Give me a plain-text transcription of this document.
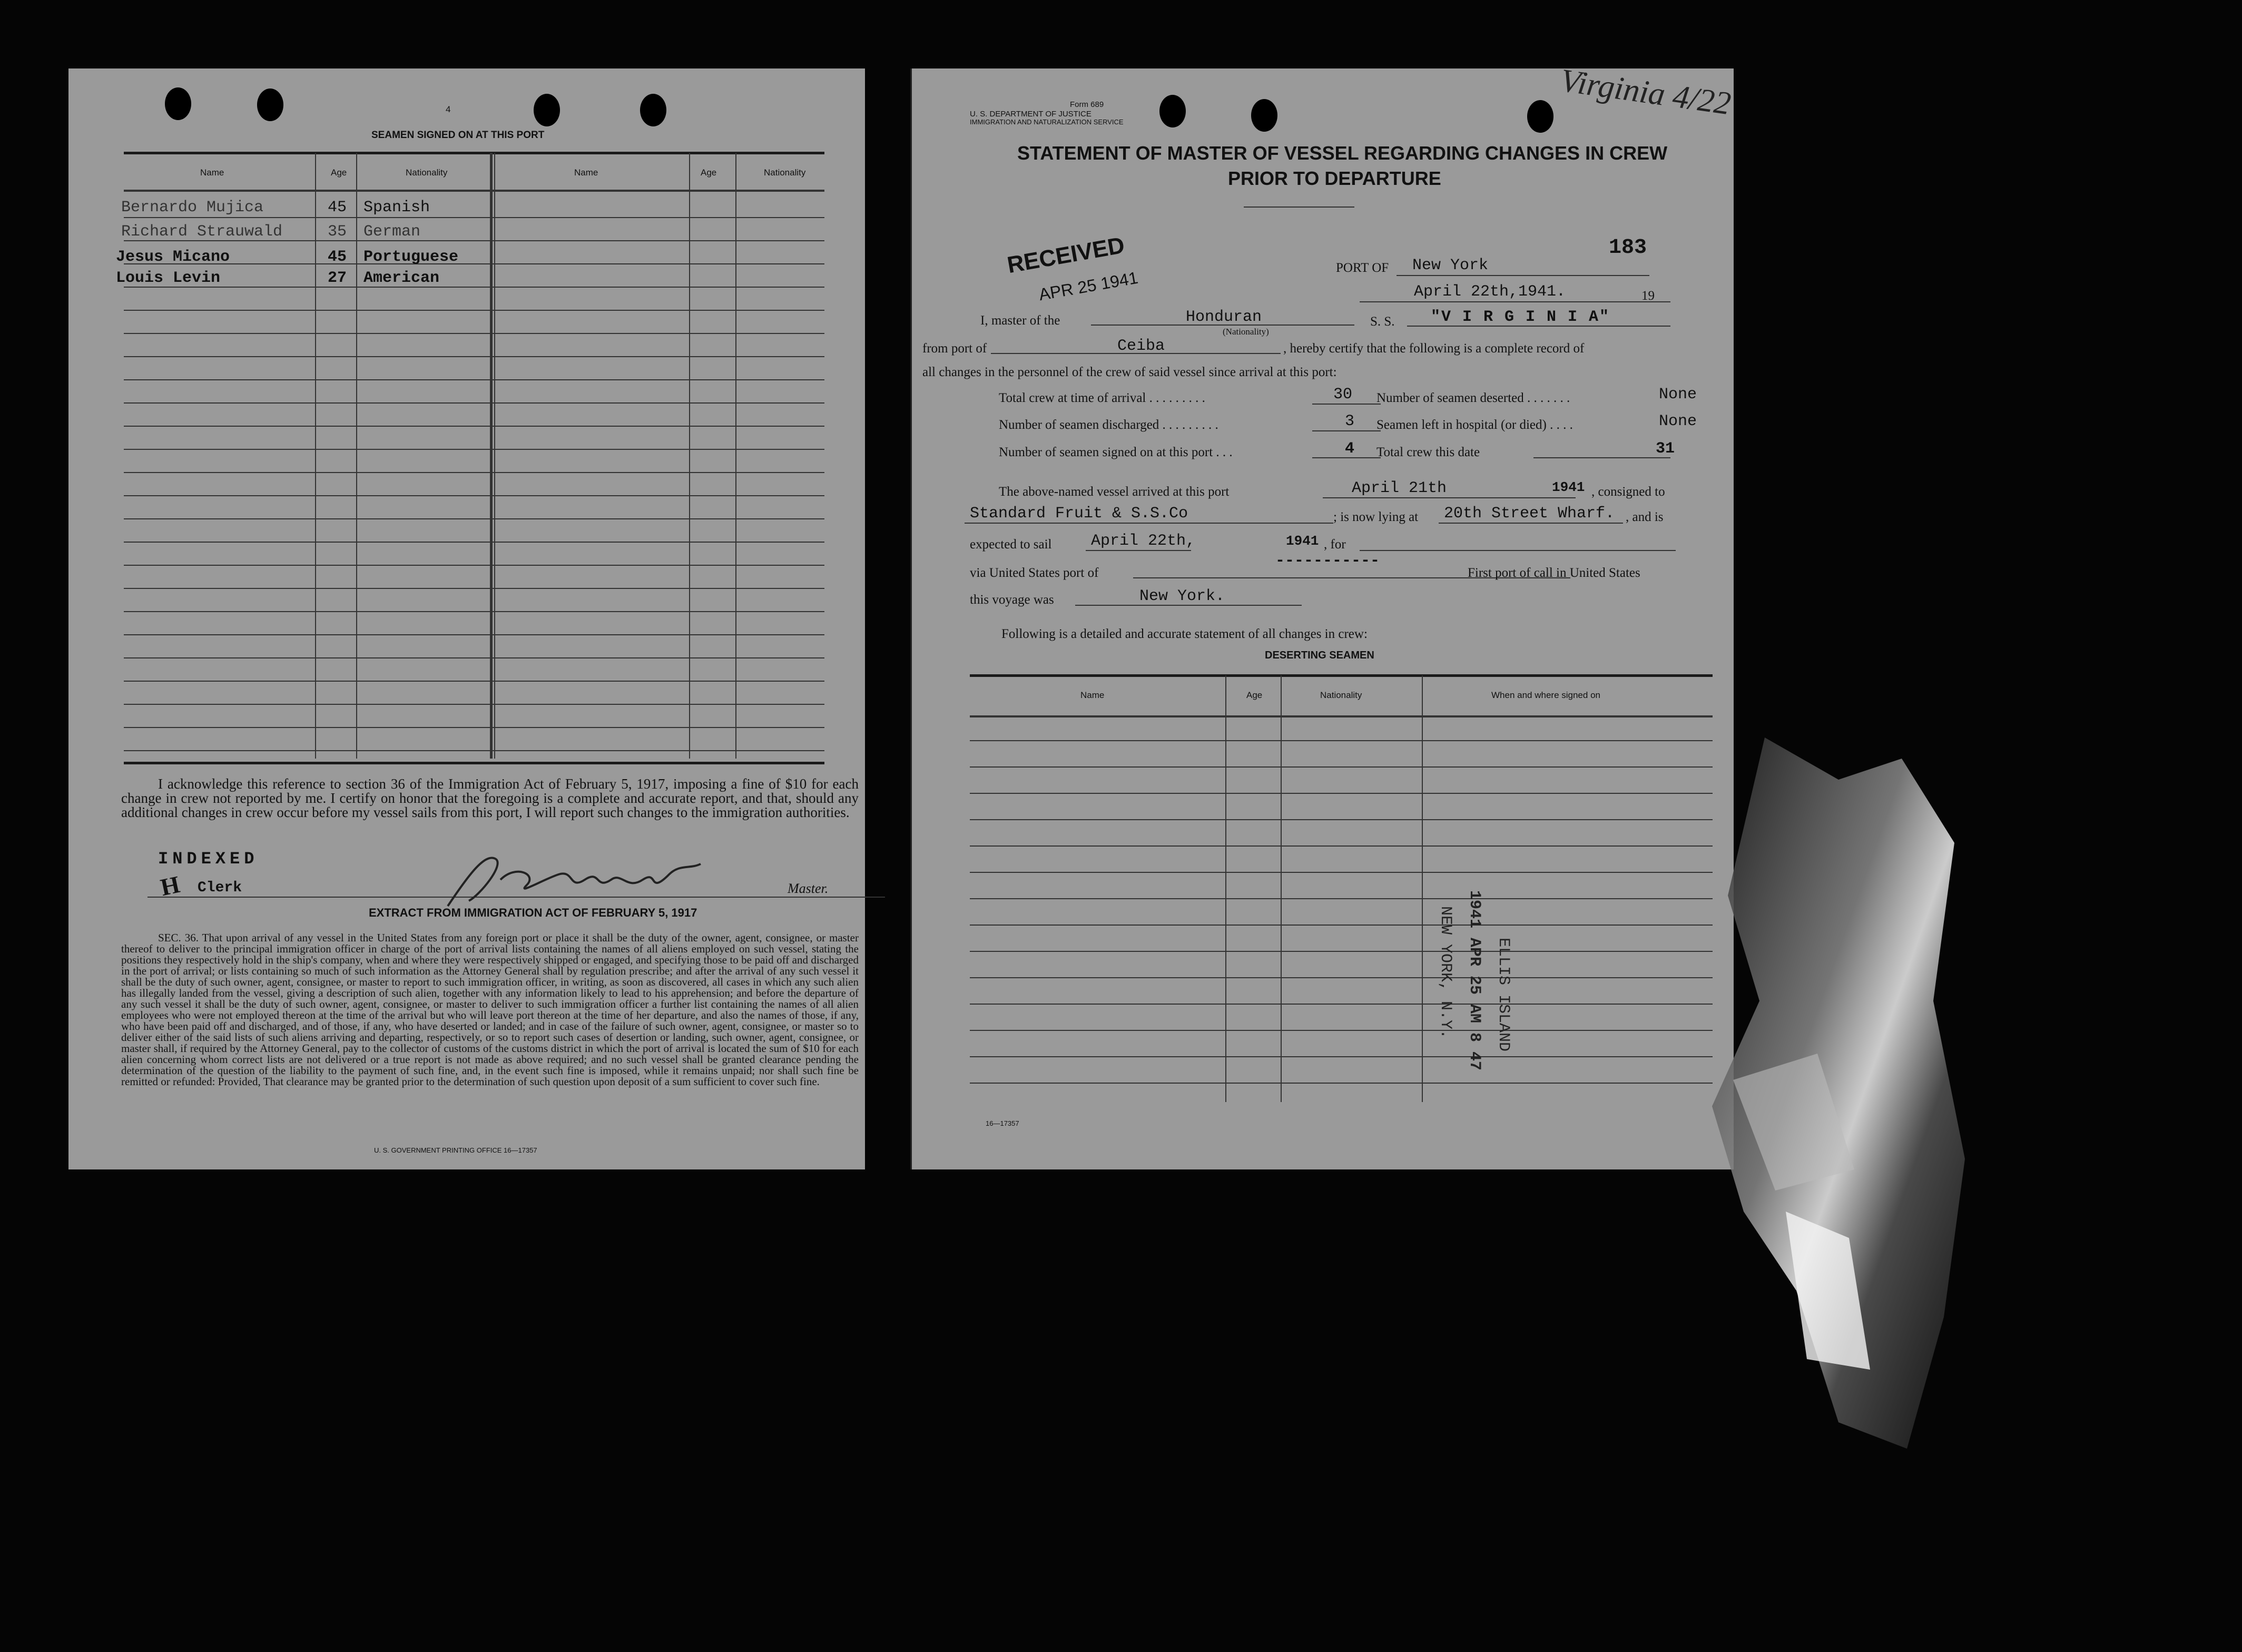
4
SEAMEN SIGNED ON AT THIS PORT
Name	Age	Nationality	Name	Age	Nationality
Bernardo Mujica	45 Spanish
Richard Strauwald	35 German
Jesus Micano	45 Portuguese
Louis Levin	27 American
I acknowledge this reference to section 36 of the Immigration Act of February 5, 1917, imposing a fine of $10 for each change in crew not reported by me. I certify on honor that the foregoing is a complete and accurate report, and that, should any additional changes in crew occur before my vessel sails from this port, I will report such changes to the immigration authorities.
INDEXED
H Clerk	Master.
EXTRACT FROM IMMIGRATION ACT OF FEBRUARY 5, 1917
SEC. 36. That upon arrival of any vessel in the United States from any foreign port or place it shall be the duty of the owner, agent, consignee, or master thereof to deliver to the principal immigration officer in charge of the port of arrival lists containing the names of all aliens employed on such vessel, stating the positions they respectively hold in the ship's company, when and where they were respectively shipped or engaged, and specifying those to be paid off and discharged in the port of arrival; or lists containing so much of such information as the Attorney General shall by regulation prescribe; and after the arrival of any such vessel it shall be the duty of such owner, agent, consignee, or master to report to such immigration officer, in writing, as soon as discovered, all cases in which any such alien has illegally landed from the vessel, giving a description of such alien, together with any information likely to lead to his apprehension; and before the departure of any such vessel it shall be the duty of such owner, agent, consignee, or master to deliver to such immigration officer a further list containing the names of all alien employees who were not employed thereon at the time of the arrival but who will leave port thereon at the time of her departure, and also the names of those, if any, who have been paid off and discharged, and of those, if any, who have deserted or landed; and in case of the failure of such owner, agent, consignee, or master so to deliver either of the said lists of such aliens arriving and departing, respectively, or so to report such cases of desertion or landing, such owner, agent, consignee, or master shall, if required by the Attorney General, pay to the collector of customs of the customs district in which the port of arrival is located the sum of $10 for each alien concerning whom correct lists are not delivered or a true report is not made as above required; and no such vessel shall be granted clearance pending the determination of the question of the liability to the payment of such fine, and, in the event such fine is imposed, while it remains unpaid; nor shall such fine be remitted or refunded: Provided, That clearance may be granted prior to the determination of such question upon deposit of a sum sufficient to cover such fine.
U. S. GOVERNMENT PRINTING OFFICE 16—17357
Form 689
U. S. DEPARTMENT OF JUSTICE
IMMIGRATION AND NATURALIZATION SERVICE
Virginia 4/22
STATEMENT OF MASTER OF VESSEL REGARDING CHANGES IN CREW
PRIOR TO DEPARTURE
RECEIVED
APR 25 1941
183
PORT OF New York
April 22th,1941.	19
I, master of the	Honduran
(Nationality)
S. S. "V I R G I N I A"
from port of	Ceiba	, hereby certify that the following is a complete record of
all changes in the personnel of the crew of said vessel since arrival at this port:
Total crew at time of arrival . . . . . . . . .	30 Number of seamen deserted . . . . . . .	None
Number of seamen discharged . . . . . . . . .	3 Seamen left in hospital (or died) . . . .	None
Number of seamen signed on at this port . . .	4 Total crew this date	31
The above-named vessel arrived at this port	April 21th	1941 , consigned to
Standard Fruit & S.S.Co	; is now lying at 20th Street Wharf. , and is
expected to sail April 22th,	1941 , for
-----------
via United States port of	First port of call in United States
this voyage was	New York.
Following is a detailed and accurate statement of all changes in crew:
DESERTING SEAMEN
Name	Age	Nationality	When and where signed on
ELLIS ISLAND
1941 APR 25 AM 8 47
NEW YORK, N.Y.
16—17357
